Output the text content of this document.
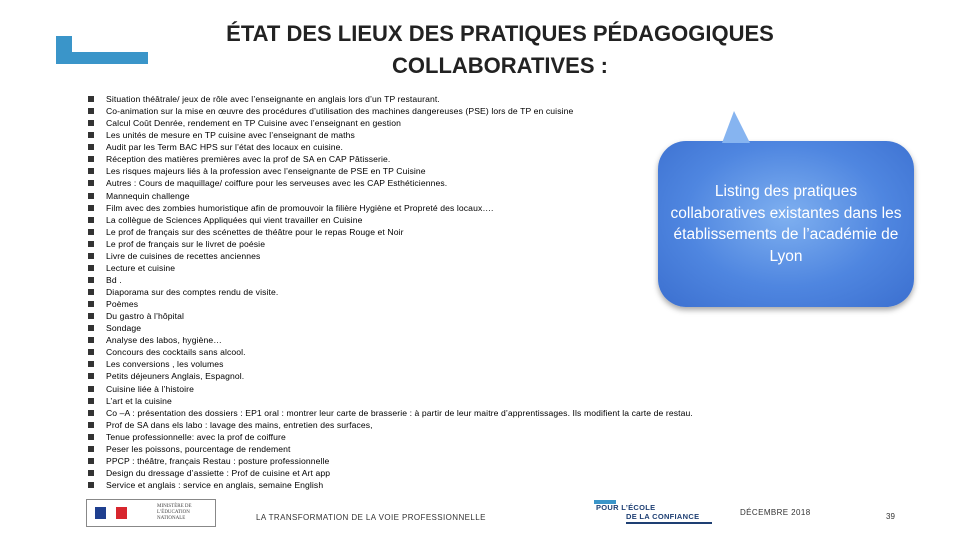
ÉTAT DES LIEUX DES PRATIQUES PÉDAGOGIQUES
COLLABORATIVES :
Situation théâtrale/ jeux de rôle avec l’enseignante en anglais lors d’un TP restaurant.
Co-animation sur la mise en œuvre des procédures d’utilisation des machines dangereuses (PSE) lors de TP en cuisine
Calcul Coût Denrée, rendement en TP Cuisine avec l’enseignant en gestion
Les unités de mesure en TP cuisine avec l’enseignant de maths
Audit par les Term BAC HPS sur l’état des locaux en cuisine.
Réception des matières premières avec la prof de SA en CAP Pâtisserie.
Les risques majeurs liés à la profession avec l’enseignante de PSE en TP Cuisine
Autres : Cours de maquillage/ coiffure pour les serveuses avec les CAP Esthéticiennes.
Mannequin challenge
Film avec des zombies humoristique afin de promouvoir la filière Hygiène et Propreté des locaux….
La collègue de Sciences Appliquées qui vient travailler en Cuisine
Le prof de français sur des scénettes de théâtre pour le repas Rouge et Noir
Le prof de français sur le livret de poésie
Livre de cuisines de recettes anciennes
Lecture et cuisine
Bd .
Diaporama sur des comptes rendu de visite.
Poèmes
Du gastro à l’hôpital
Sondage
Analyse des labos, hygiène…
Concours des cocktails sans alcool.
Les conversions , les volumes
Petits déjeuners Anglais, Espagnol.
Cuisine liée à l’histoire
L’art et la cuisine
Co –A : présentation des dossiers : EP1 oral : montrer leur carte de brasserie : à partir de leur maitre d’apprentissages. Ils modifient la carte de restau.
Prof de SA dans els labo : lavage des mains, entretien des surfaces,
Tenue professionnelle: avec la prof de coiffure
Peser les poissons, pourcentage de rendement
PPCP : théâtre, français Restau : posture professionnelle
Design du dressage d’assiette : Prof de cuisine et Art app
Service et anglais : service en anglais, semaine English
Listing des pratiques collaboratives existantes dans les établissements de l’académie de Lyon
MINISTÈRE DE L’ÉDUCATION NATIONALE	LA TRANSFORMATION DE LA VOIE PROFESSIONNELLE
POUR L’ÉCOLE
DE LA CONFIANCE	DÉCEMBRE 2018	39
